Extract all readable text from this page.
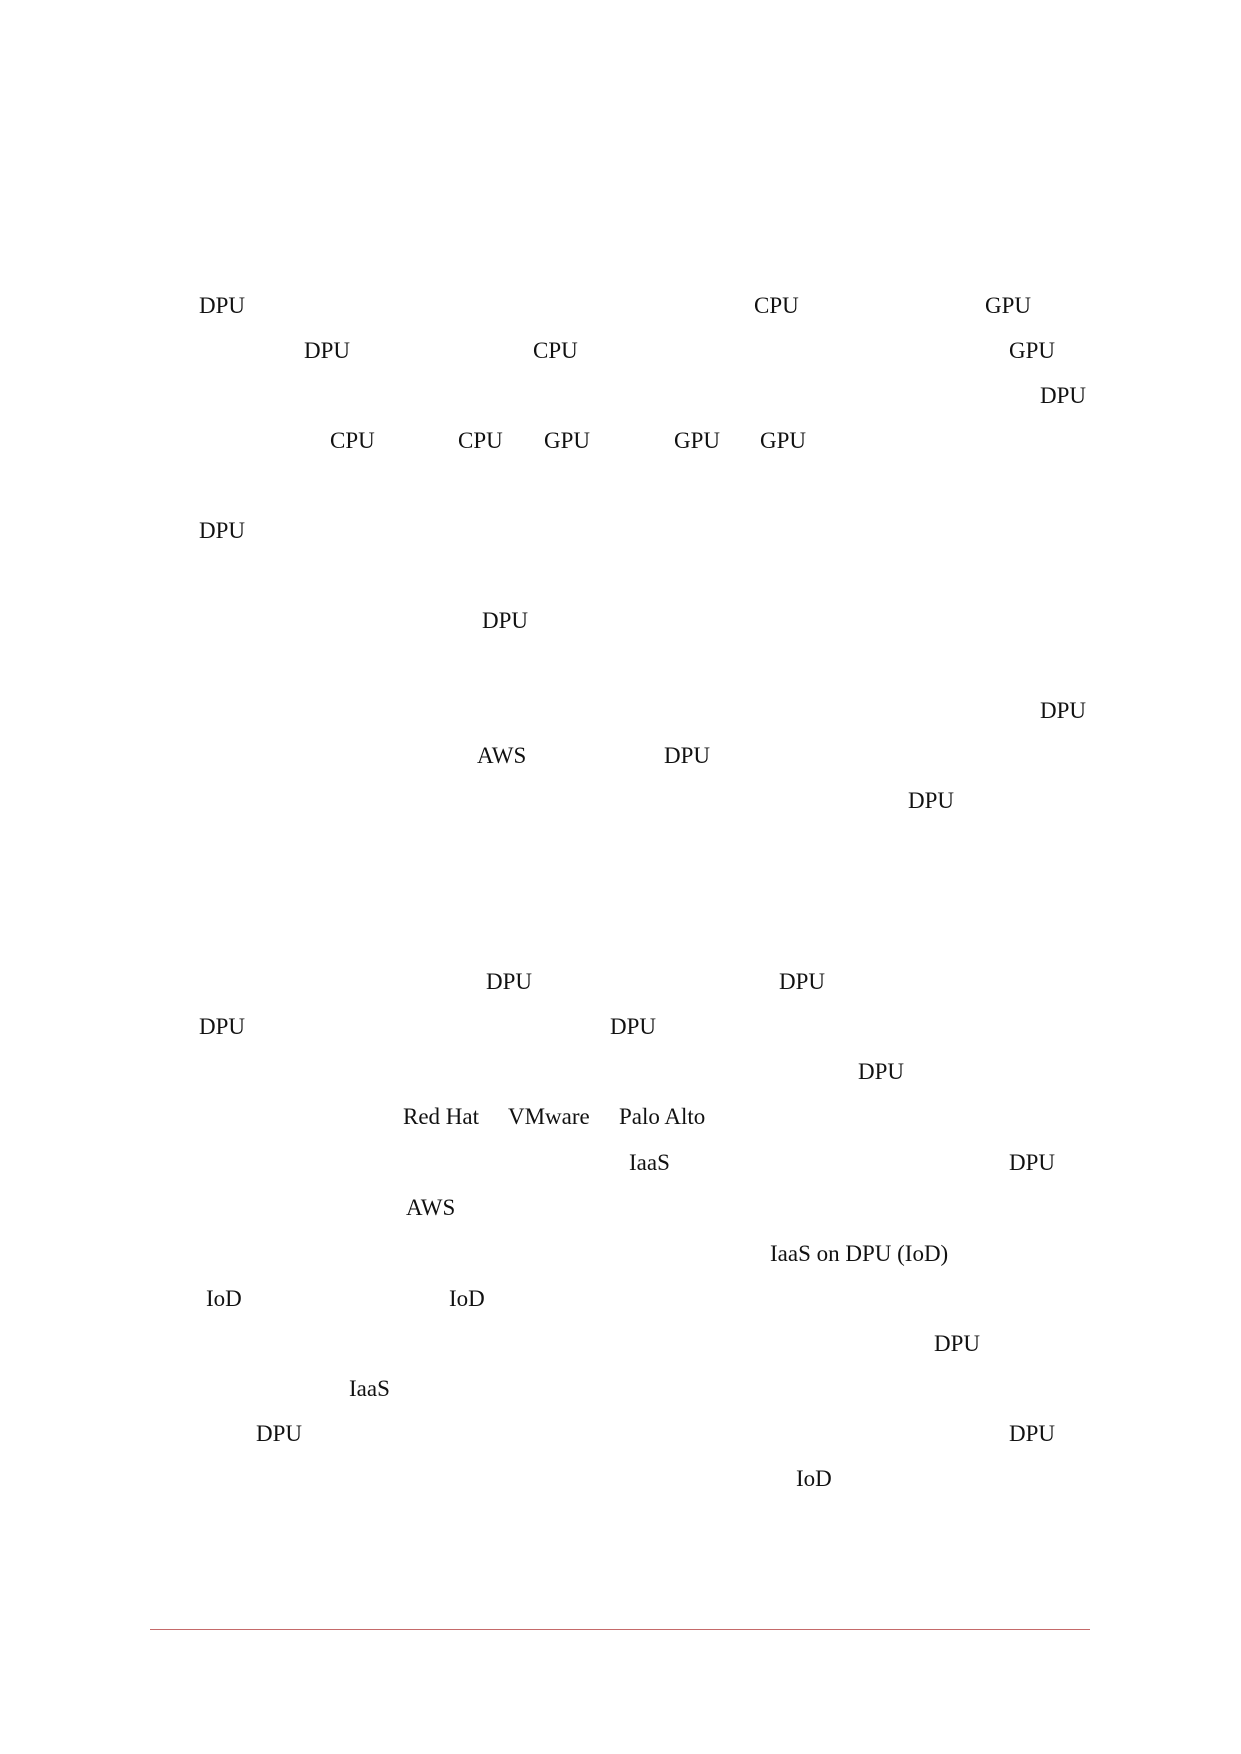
DPU	CPU	GPU
DPU	CPU	GPU
DPU
CPU	CPU GPU	GPU GPU
DPU
DPU
DPU
AWS	DPU
DPU
DPU	DPU
DPU	DPU
DPU
Red Hat VMware Palo Alto
IaaS	DPU
AWS
IaaS on DPU (IoD)
IoD	IoD
DPU
IaaS
DPU	DPU
IoD
